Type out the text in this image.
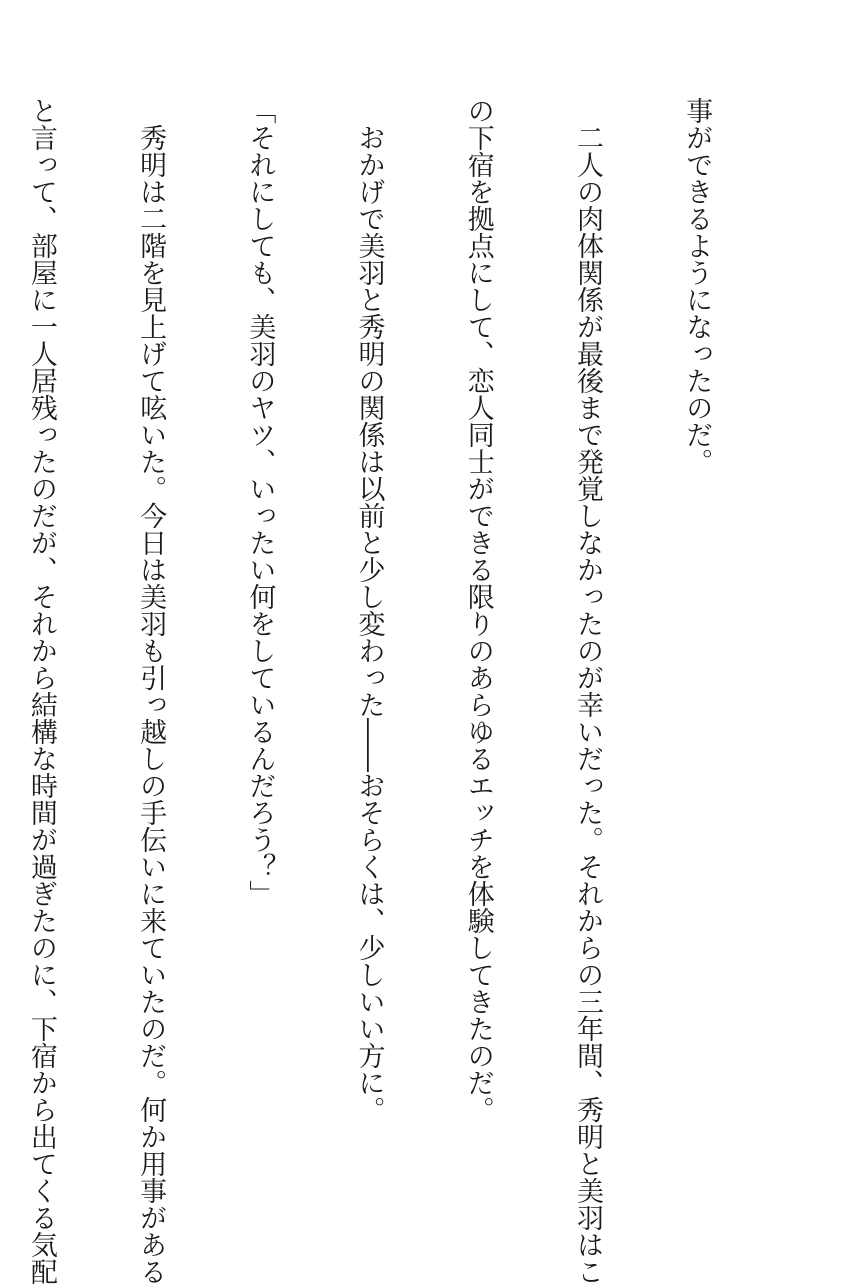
事ができるようになったのだ。

　二人の肉体関係が最後まで発覚しなかったのが幸いだった。それからの三年間、秀明と美羽はこ

の下宿を拠点にして、恋人同士ができる限りのあらゆるエッチを体験してきたのだ。

　おかげで美羽と秀明の関係は以前と少し変わった――おそらくは、少しいい方に。

「それにしても、美羽のヤツ、いったい何をしているんだろう？」

　秀明は二階を見上げて呟いた。今日は美羽も引っ越しの手伝いに来ていたのだ。何か用事がある

と言って、部屋に一人居残ったのだが、それから結構な時間が過ぎたのに、下宿から出てくる気配
